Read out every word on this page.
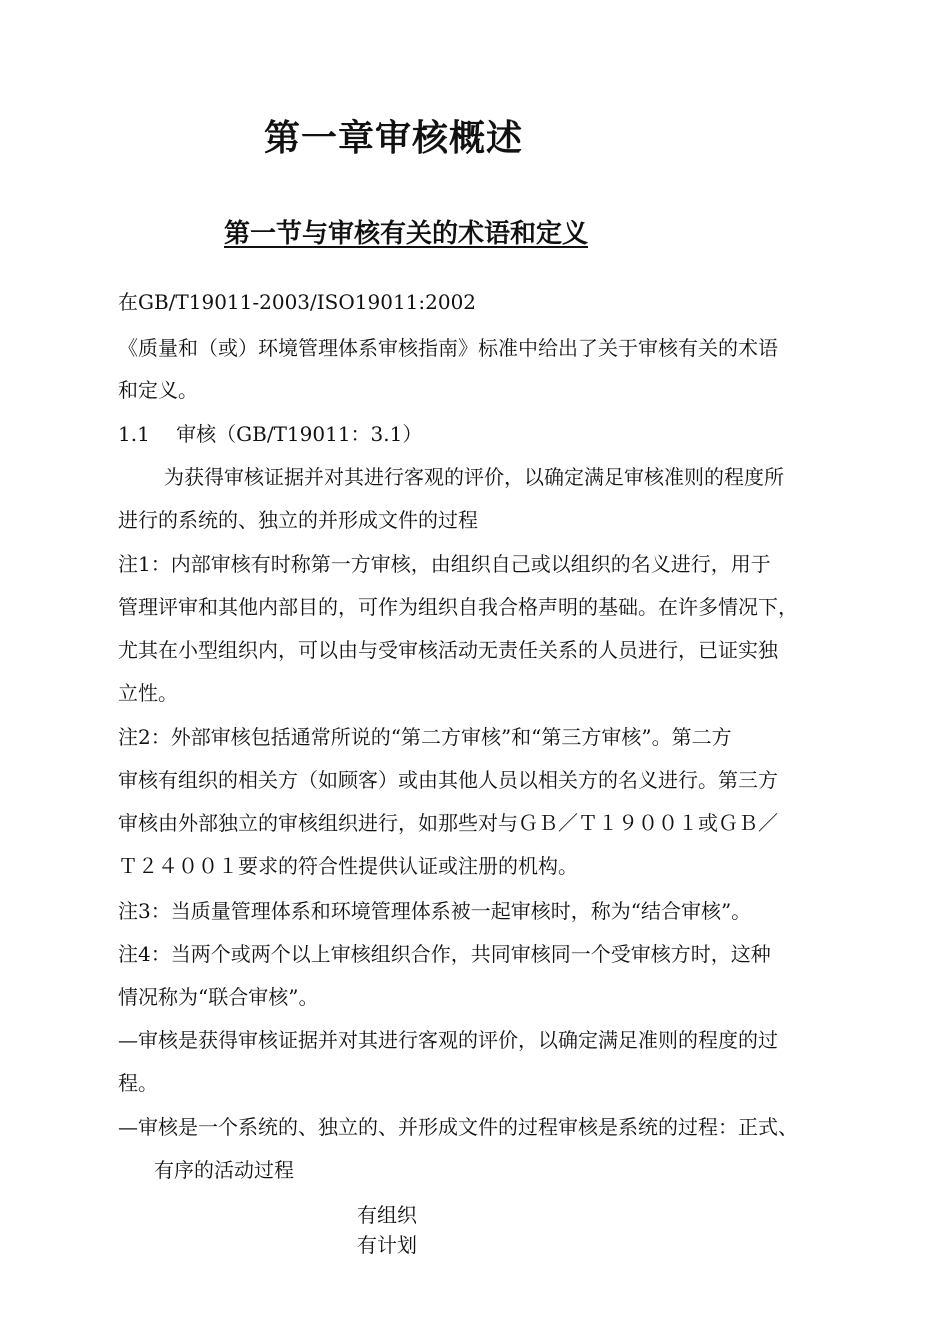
第一章审核概述
第一节与审核有关的术语和定义
在GB/T19011-2003/ISO19011:2002
《质量和（或）环境管理体系审核指南》标准中给出了关于审核有关的术语
和定义。
1.1　 审核（GB/T19011：3.1）
为获得审核证据并对其进行客观的评价，以确定满足审核准则的程度所
进行的系统的、独立的并形成文件的过程
注1：内部审核有时称第一方审核，由组织自己或以组织的名义进行，用于
管理评审和其他内部目的，可作为组织自我合格声明的基础。在许多情况下，
尤其在小型组织内，可以由与受审核活动无责任关系的人员进行，已证实独
立性。
注2：外部审核包括通常所说的“第二方审核”和“第三方审核”。第二方
审核有组织的相关方（如顾客）或由其他人员以相关方的名义进行。第三方
审核由外部独立的审核组织进行，如那些对与ＧＢ／Ｔ１９００１或ＧＢ／
Ｔ２４００１要求的符合性提供认证或注册的机构。
注3：当质量管理体系和环境管理体系被一起审核时，称为“结合审核”。
注4：当两个或两个以上审核组织合作，共同审核同一个受审核方时，这种
情况称为“联合审核”。
—审核是获得审核证据并对其进行客观的评价，以确定满足准则的程度的过
程。
—审核是一个系统的、独立的、并形成文件的过程审核是系统的过程：正式、
有序的活动过程
有组织
有计划
